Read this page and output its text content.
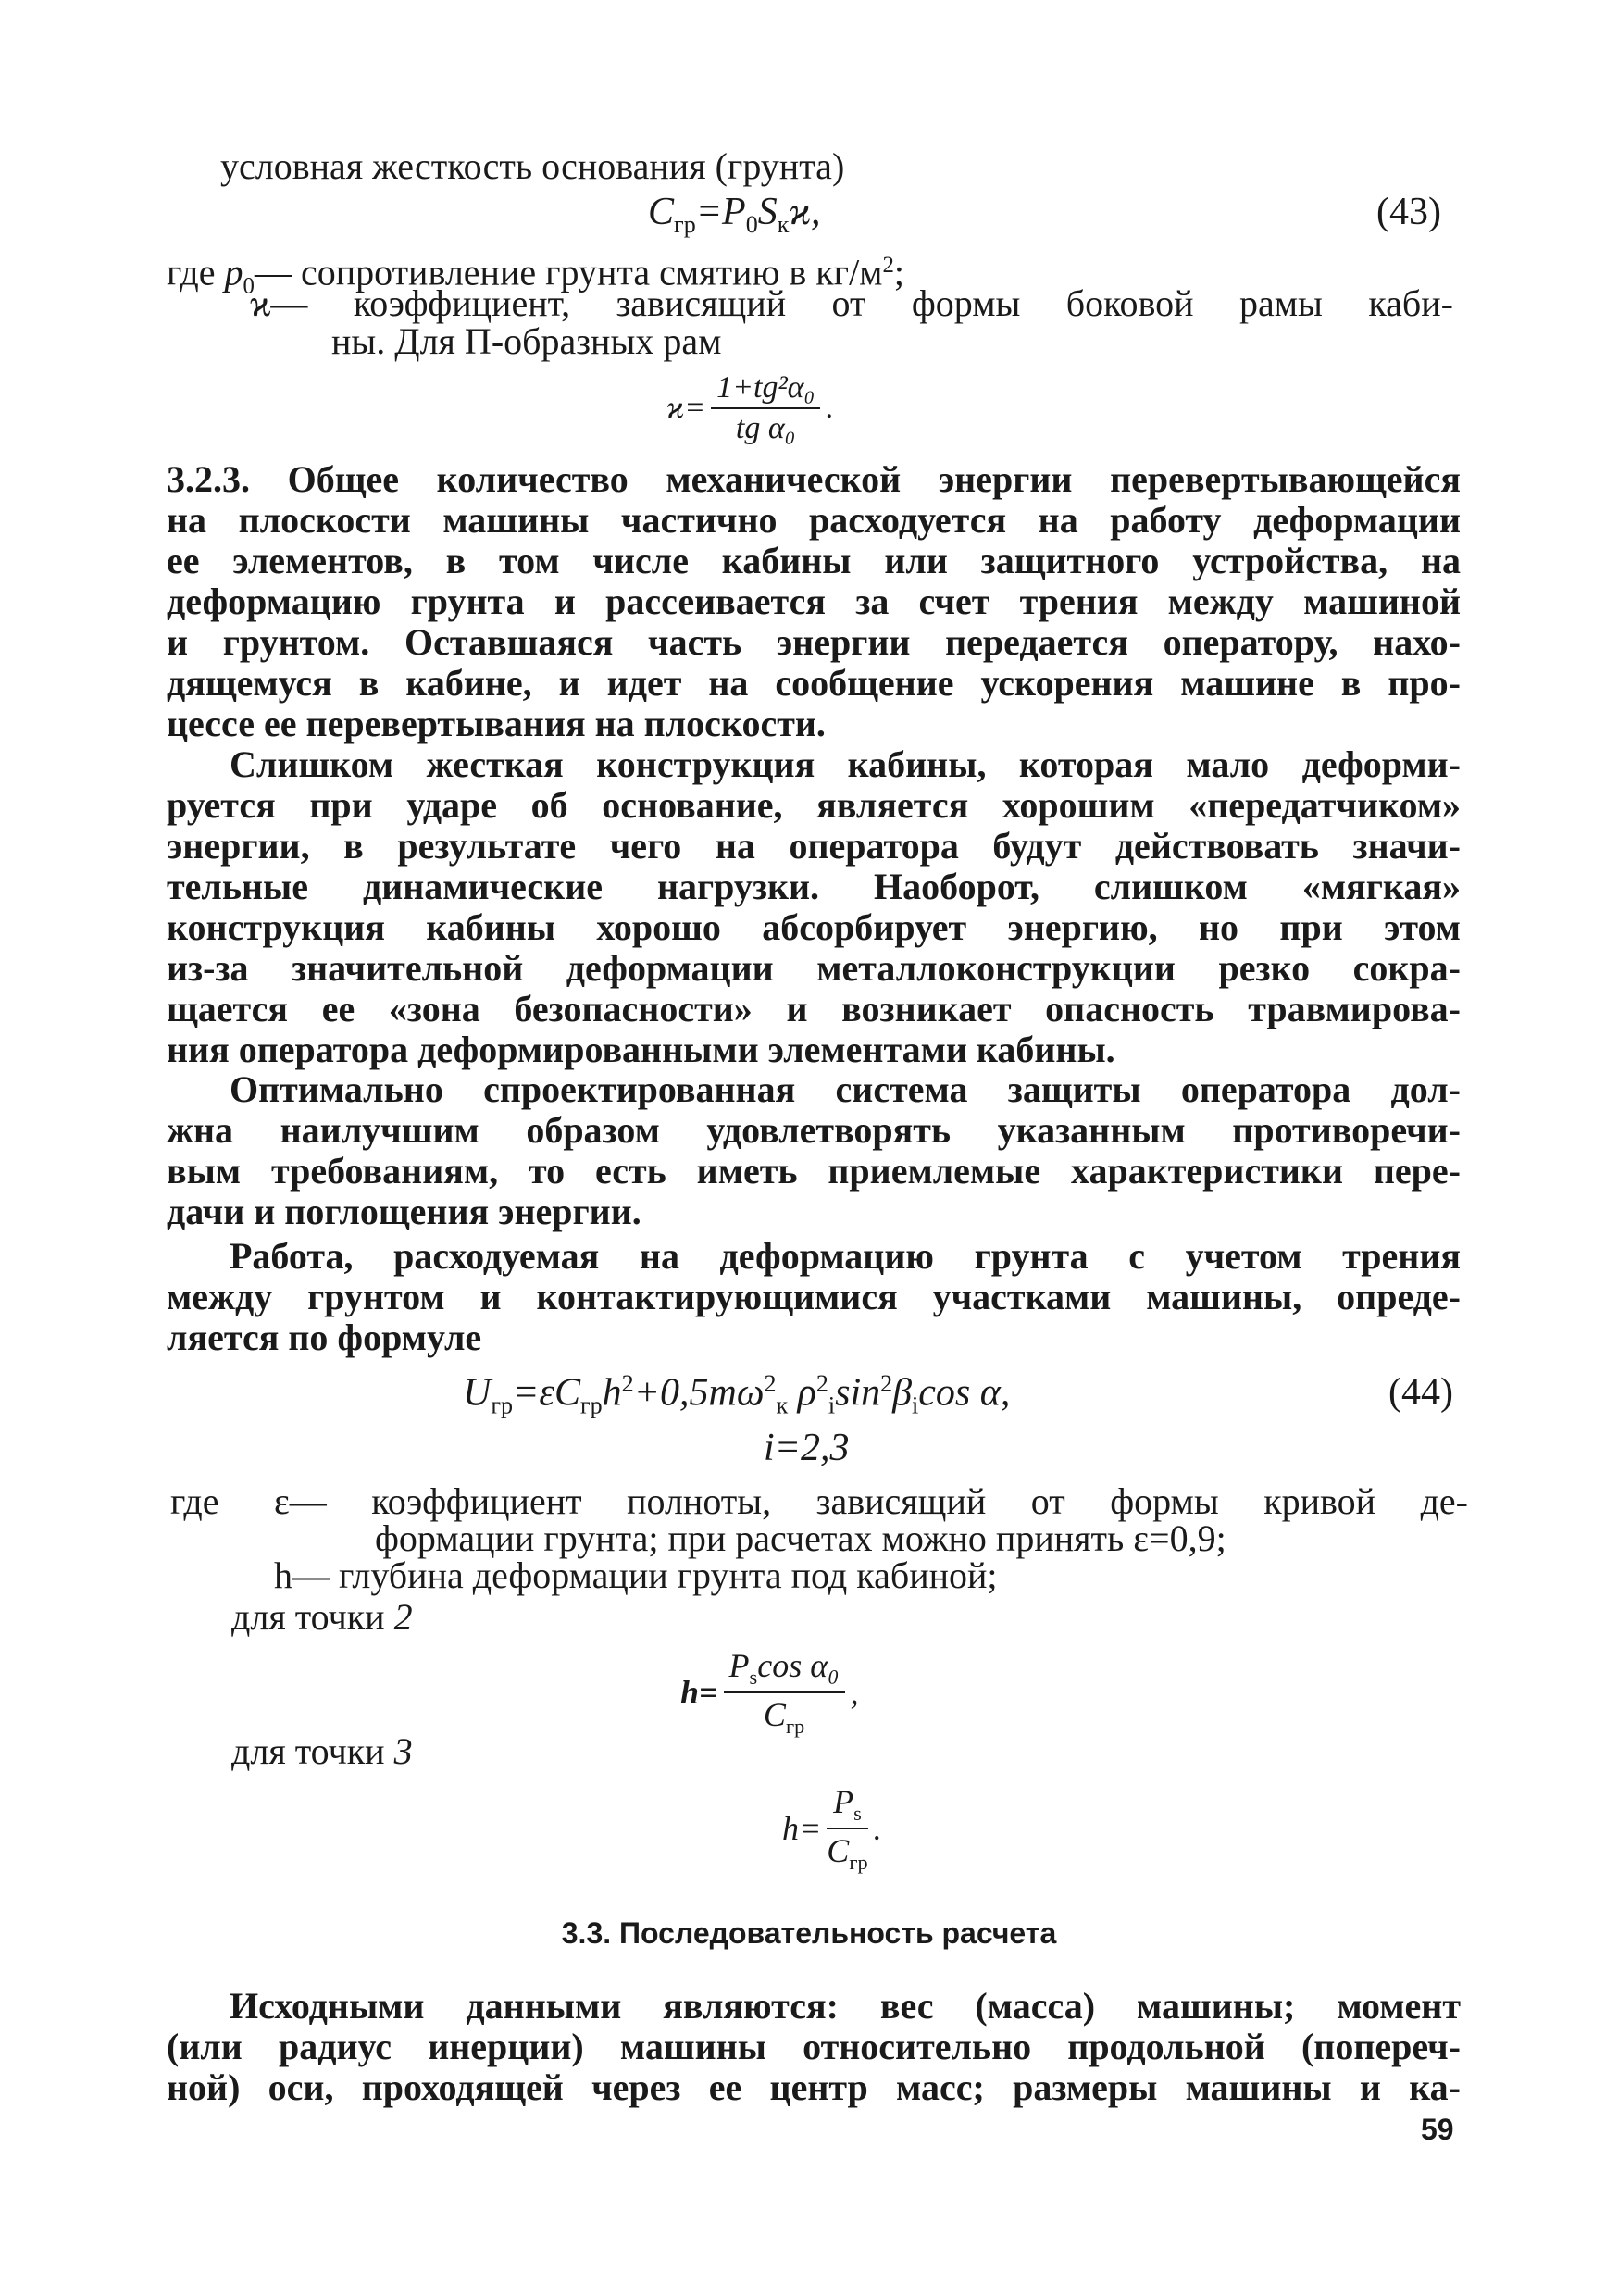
условная жесткость основания (грунта)
$C_{гр}=P_0S_кϰ$,	(43)
где $p_0—$ сопротивление грунта смятию в $кг/м^2$;
ϰ— коэффициент, зависящий от формы боковой рамы каби-
ны. Для П-образных рам
$ϰ= \frac{\text{1+tg²α₀}}{\text{tg α₀}}$ .
3.2.3. Общее количество механической энергии перевертывающейся
на плоскости машины частично расходуется на работу деформации
ее элементов, в том числе кабины или защитного устройства, на
деформацию грунта и рассеивается за счет трения между машиной
и грунтом. Оставшаяся часть энергии передается оператору, нахо-
дящемуся в кабине, и идет на сообщение ускорения машине в про-
цессе ее перевертывания на плоскости.
Слишком жесткая конструкция кабины, которая мало деформи-
руется при ударе об основание, является хорошим «передатчиком»
энергии, в результате чего на оператора будут действовать значи-
тельные динамические нагрузки. Наоборот, слишком «мягкая»
конструкция кабины хорошо абсорбирует энергию, но при этом
из-за значительной деформации металлоконструкции резко сокра-
щается ее «зона безопасности» и возникает опасность травмирова-
ния оператора деформированными элементами кабины.
Оптимально спроектированная система защиты оператора дол-
жна наилучшим образом удовлетворять указанным противоречи-
вым требованиям, то есть иметь приемлемые характеристики пере-
дачи и поглощения энергии.
Работа, расходуемая на деформацию грунта с учетом трения
между грунтом и контактирующимися участками машины, опреде-
ляется по формуле
$U_{гр}=\varepsilon C_{гр}h^2+0,5m\omega^2_к$ $\rho^2_i\sin^2\beta_i\cos$ α,	(44)
i=2,3
где ε— коэффициент полноты, зависящий от формы кривой де-
формации грунта; при расчетах можно принять ε=0,9;
h— глубина деформации грунта под кабиной;
для точки 2
$h= \frac{P_s\cos \alpha_0}{C_{гр}}$ ,
для точки 3
$h= \frac{P_s}{C_{гр}}$ .
3.3. Последовательность расчета
Исходными данными являются: вес (масса) машины; момент
(или радиус инерции) машины относительно продольной (попереч-
ной) оси, проходящей через ее центр масс; размеры машины и ка-
59
